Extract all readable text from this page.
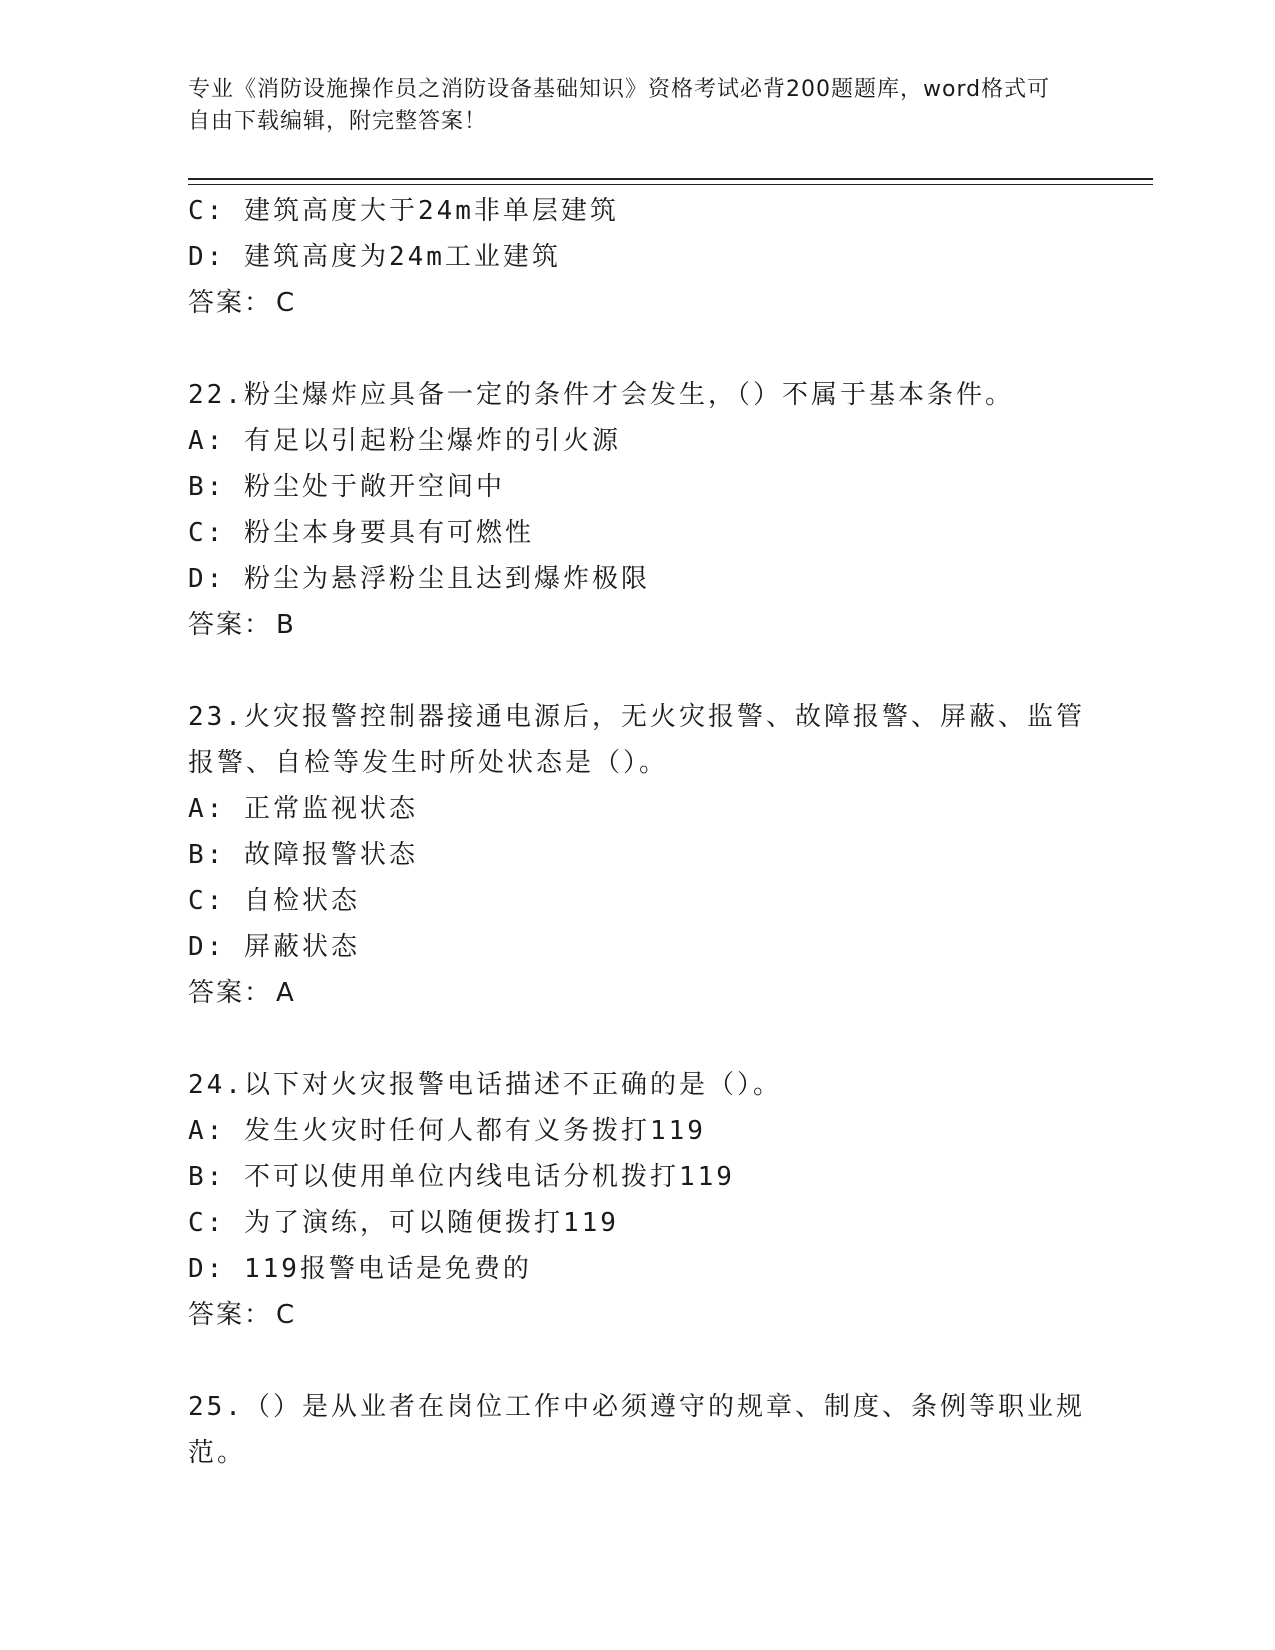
专业《消防设施操作员之消防设备基础知识》资格考试必背200题题库，word格式可自由下载编辑，附完整答案！
C: 建筑高度大于24m非单层建筑
D: 建筑高度为24m工业建筑
答案： C
22.粉尘爆炸应具备一定的条件才会发生，（）不属于基本条件。
A: 有足以引起粉尘爆炸的引火源
B: 粉尘处于敞开空间中
C: 粉尘本身要具有可燃性
D: 粉尘为悬浮粉尘且达到爆炸极限
答案： B
23.火灾报警控制器接通电源后，无火灾报警、故障报警、屏蔽、监管报警、自检等发生时所处状态是（）。
A: 正常监视状态
B: 故障报警状态
C: 自检状态
D: 屏蔽状态
答案： A
24.以下对火灾报警电话描述不正确的是（）。
A: 发生火灾时任何人都有义务拨打119
B: 不可以使用单位内线电话分机拨打119
C: 为了演练，可以随便拨打119
D: 119报警电话是免费的
答案： C
25.（）是从业者在岗位工作中必须遵守的规章、制度、条例等职业规范。
